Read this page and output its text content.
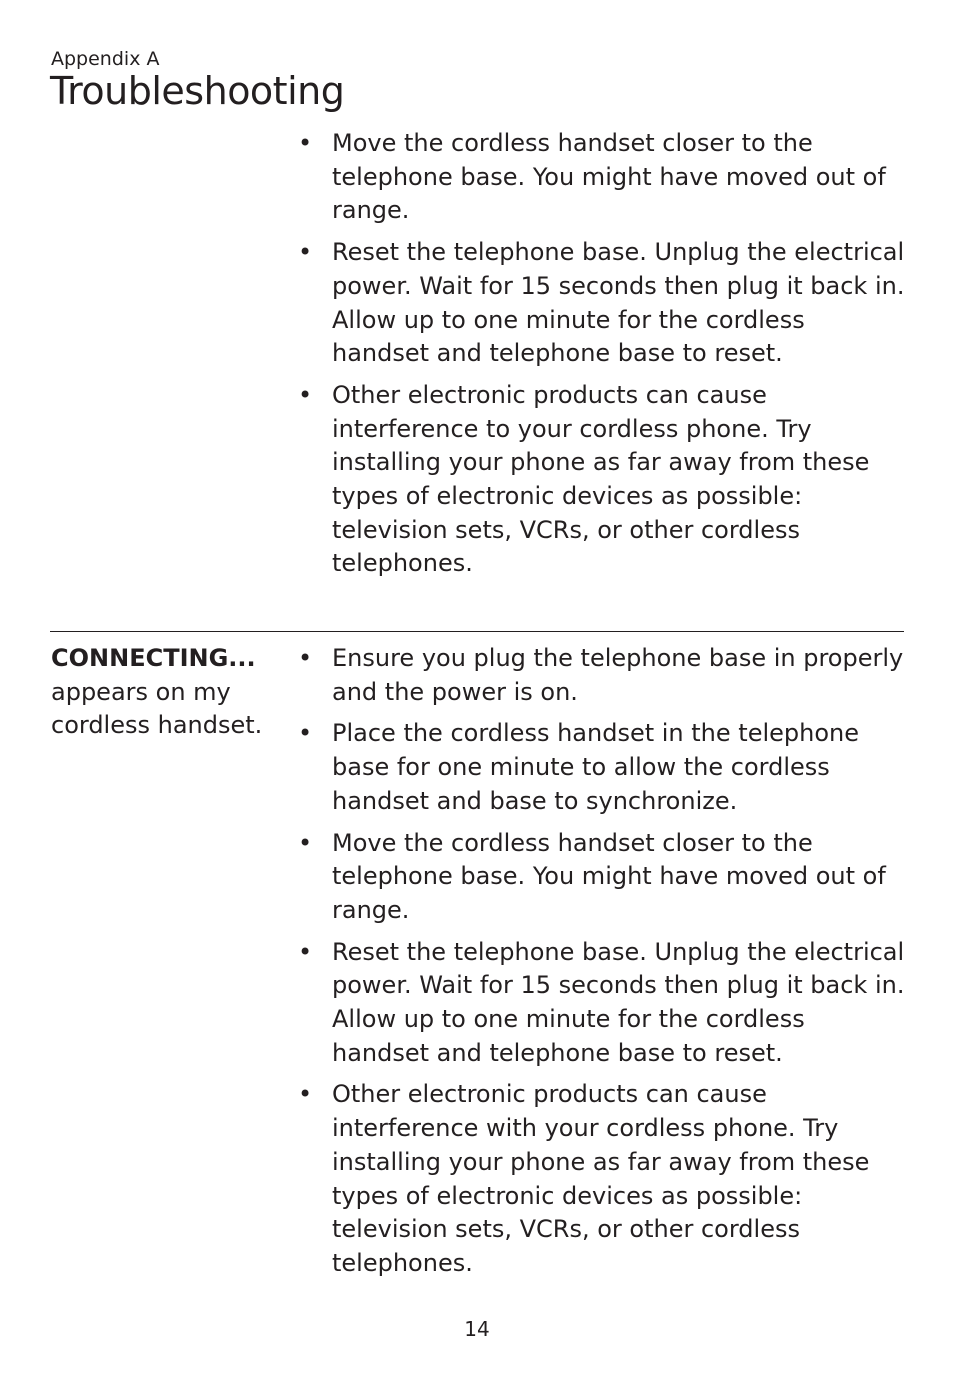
Appendix A
Troubleshooting
• Move the cordless handset closer to the telephone base. You might have moved out of range.
• Reset the telephone base. Unplug the electrical power. Wait for 15 seconds then plug it back in. Allow up to one minute for the cordless handset and telephone base to reset.
• Other electronic products can cause interference to your cordless phone. Try installing your phone as far away from these types of electronic devices as possible: television sets, VCRs, or other cordless telephones.

CONNECTING...
appears on my cordless handset.

• Ensure you plug the telephone base in properly and the power is on.
• Place the cordless handset in the telephone base for one minute to allow the cordless handset and base to synchronize.
• Move the cordless handset closer to the telephone base. You might have moved out of range.
• Reset the telephone base. Unplug the electrical power. Wait for 15 seconds then plug it back in. Allow up to one minute for the cordless handset and telephone base to reset.
• Other electronic products can cause interference with your cordless phone. Try installing your phone as far away from these types of electronic devices as possible: television sets, VCRs, or other cordless telephones.
14
